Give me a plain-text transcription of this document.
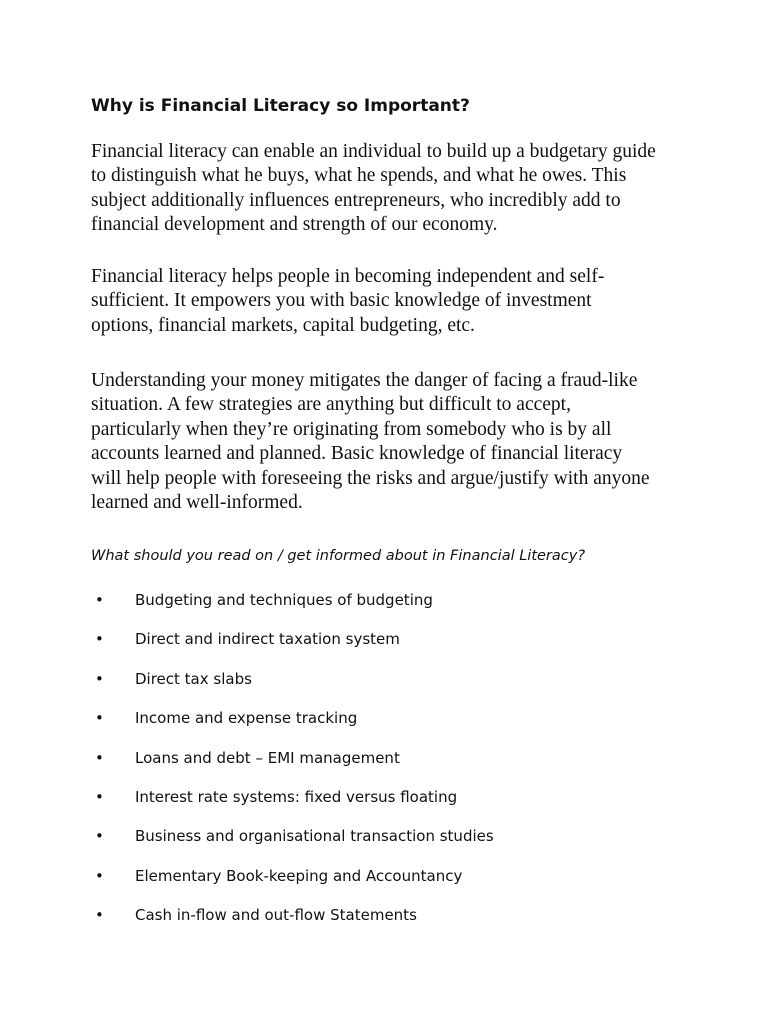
Why is Financial Literacy so Important?

Financial literacy can enable an individual to build up a budgetary guide
to distinguish what he buys, what he spends, and what he owes. This
subject additionally influences entrepreneurs, who incredibly add to
financial development and strength of our economy.

Financial literacy helps people in becoming independent and self-
sufficient. It empowers you with basic knowledge of investment
options, financial markets, capital budgeting, etc.

Understanding your money mitigates the danger of facing a fraud-like
situation. A few strategies are anything but difficult to accept,
particularly when they’re originating from somebody who is by all
accounts learned and planned. Basic knowledge of financial literacy
will help people with foreseeing the risks and argue/justify with anyone
learned and well-informed.

What should you read on / get informed about in Financial Literacy?

• Budgeting and techniques of budgeting
• Direct and indirect taxation system
• Direct tax slabs
• Income and expense tracking
• Loans and debt – EMI management
• Interest rate systems: fixed versus floating
• Business and organisational transaction studies
• Elementary Book-keeping and Accountancy
• Cash in-flow and out-flow Statements
